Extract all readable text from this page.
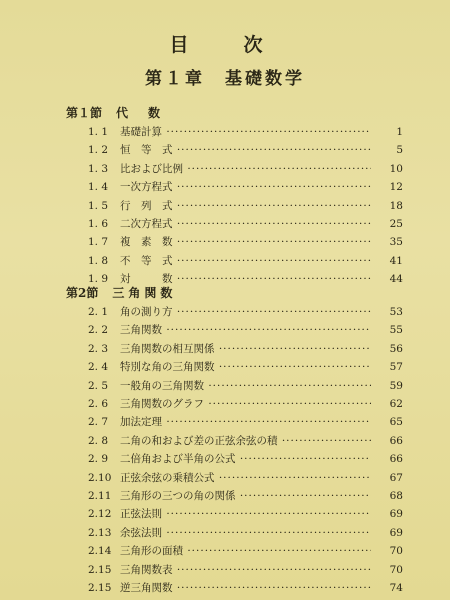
目　次
第１章　基礎数学
第１節 代　数
1. 1	基礎計算 ·····	1
1. 2	恒　等　式 ·····	5
1. 3	比および比例 ·····	10
1. 4	一次方程式 ·····	12
1. 5	行　列　式 ·····	18
1. 6	二次方程式 ·····	25
1. 7	複　素　数 ·····	35
1. 8	不　等　式 ·····	41
1. 9	対　　　数 ·····	44
第2節 三角関数
2. 1	角の測り方 ·····	53
2. 2	三角関数 ·····	55
2. 3	三角関数の相互関係 ·····	56
2. 4	特別な角の三角関数 ·····	57
2. 5	一般角の三角関数 ·····	59
2. 6	三角関数のグラフ ·····	62
2. 7	加法定理 ·····	65
2. 8	二角の和および差の正弦余弦の積 ·····	66
2. 9	二倍角および半角の公式 ·····	66
2.10 正弦余弦の乗積公式 ·····	67
2.11 三角形の三つの角の関係 ·····	68
2.12 正弦法則 ·····	69
2.13 余弦法則 ·····	69
2.14 三角形の面積 ·····	70
2.15 三角関数表 ·····	70
2.15 逆三角関数 ·····	74
